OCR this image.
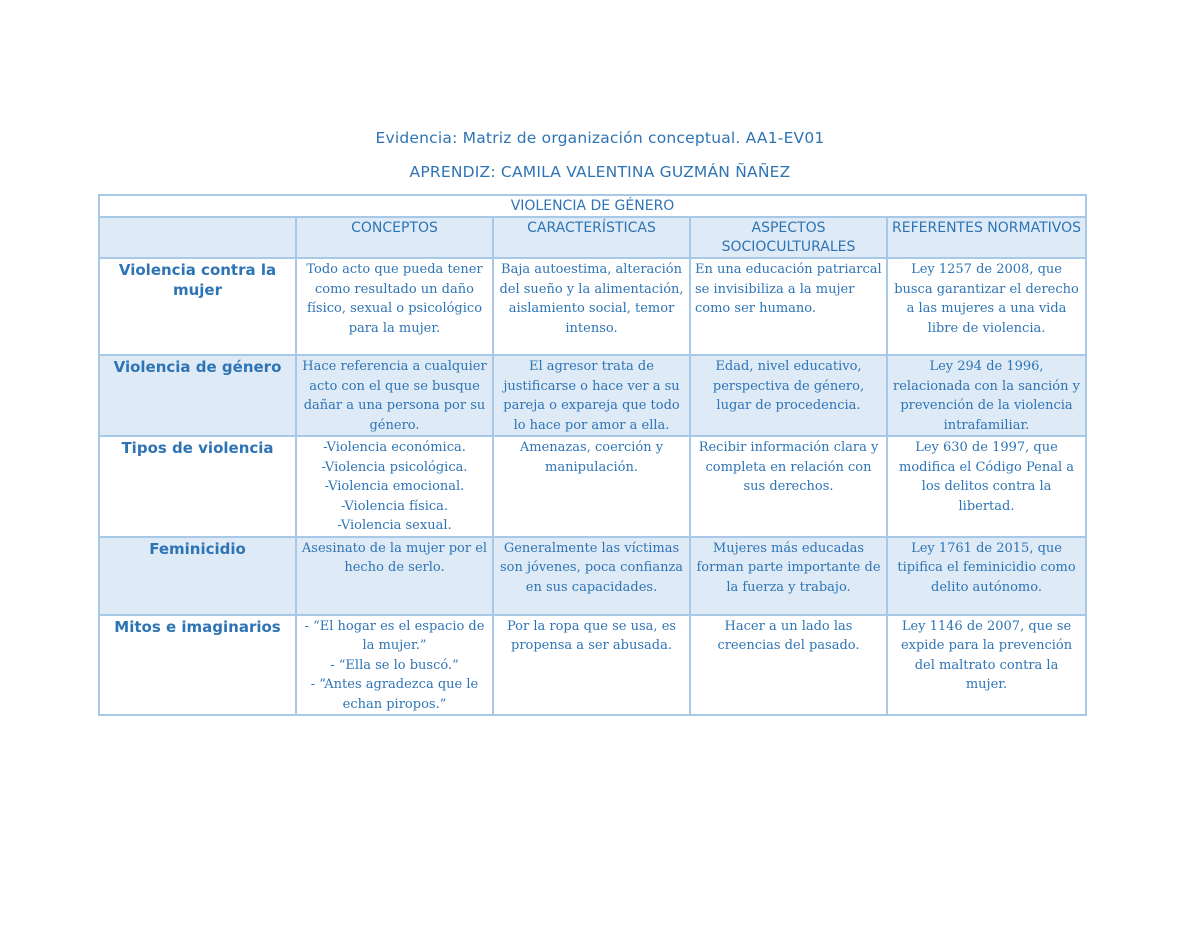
Evidencia: Matriz de organización conceptual. AA1-EV01
APRENDIZ: CAMILA VALENTINA GUZMÁN ÑAÑEZ
VIOLENCIA DE GÉNERO				
	CONCEPTOS	CARACTERÍSTICAS	ASPECTOS SOCIOCULTURALES	REFERENTES NORMATIVOS
Violencia contra la mujer	Todo acto que pueda tener como resultado un daño físico, sexual o psicológico para la mujer.	Baja autoestima, alteración del sueño y la alimentación, aislamiento social, temor intenso.	En una educación patriarcal se invisibiliza a la mujer como ser humano.	Ley 1257 de 2008, que busca garantizar el derecho a las mujeres a una vida libre de violencia.
Violencia de género	Hace referencia a cualquier acto con el que se busque dañar a una persona por su género.	El agresor trata de justificarse o hace ver a su pareja o expareja que todo lo hace por amor a ella.	Edad, nivel educativo, perspectiva de género, lugar de procedencia.	Ley 294 de 1996, relacionada con la sanción y prevención de la violencia intrafamiliar.
Tipos de violencia	-Violencia económica.
-Violencia psicológica.
-Violencia emocional.
-Violencia física.
-Violencia sexual.	Amenazas, coerción y manipulación.	Recibir información clara y completa en relación con sus derechos.	Ley 630 de 1997, que modifica el Código Penal a los delitos contra la libertad.
Feminicidio	Asesinato de la mujer por el hecho de serlo.	Generalmente las víctimas son jóvenes, poca confianza en sus capacidades.	Mujeres más educadas forman parte importante de la fuerza y trabajo.	Ley 1761 de 2015, que tipifica el feminicidio como delito autónomo.
Mitos e imaginarios	- “El hogar es el espacio de la mujer.”
- “Ella se lo buscó.”
- “Antes agradezca que le echan piropos.”	Por la ropa que se usa, es propensa a ser abusada.	Hacer a un lado las creencias del pasado.	Ley 1146 de 2007, que se expide para la prevención del maltrato contra la mujer.
